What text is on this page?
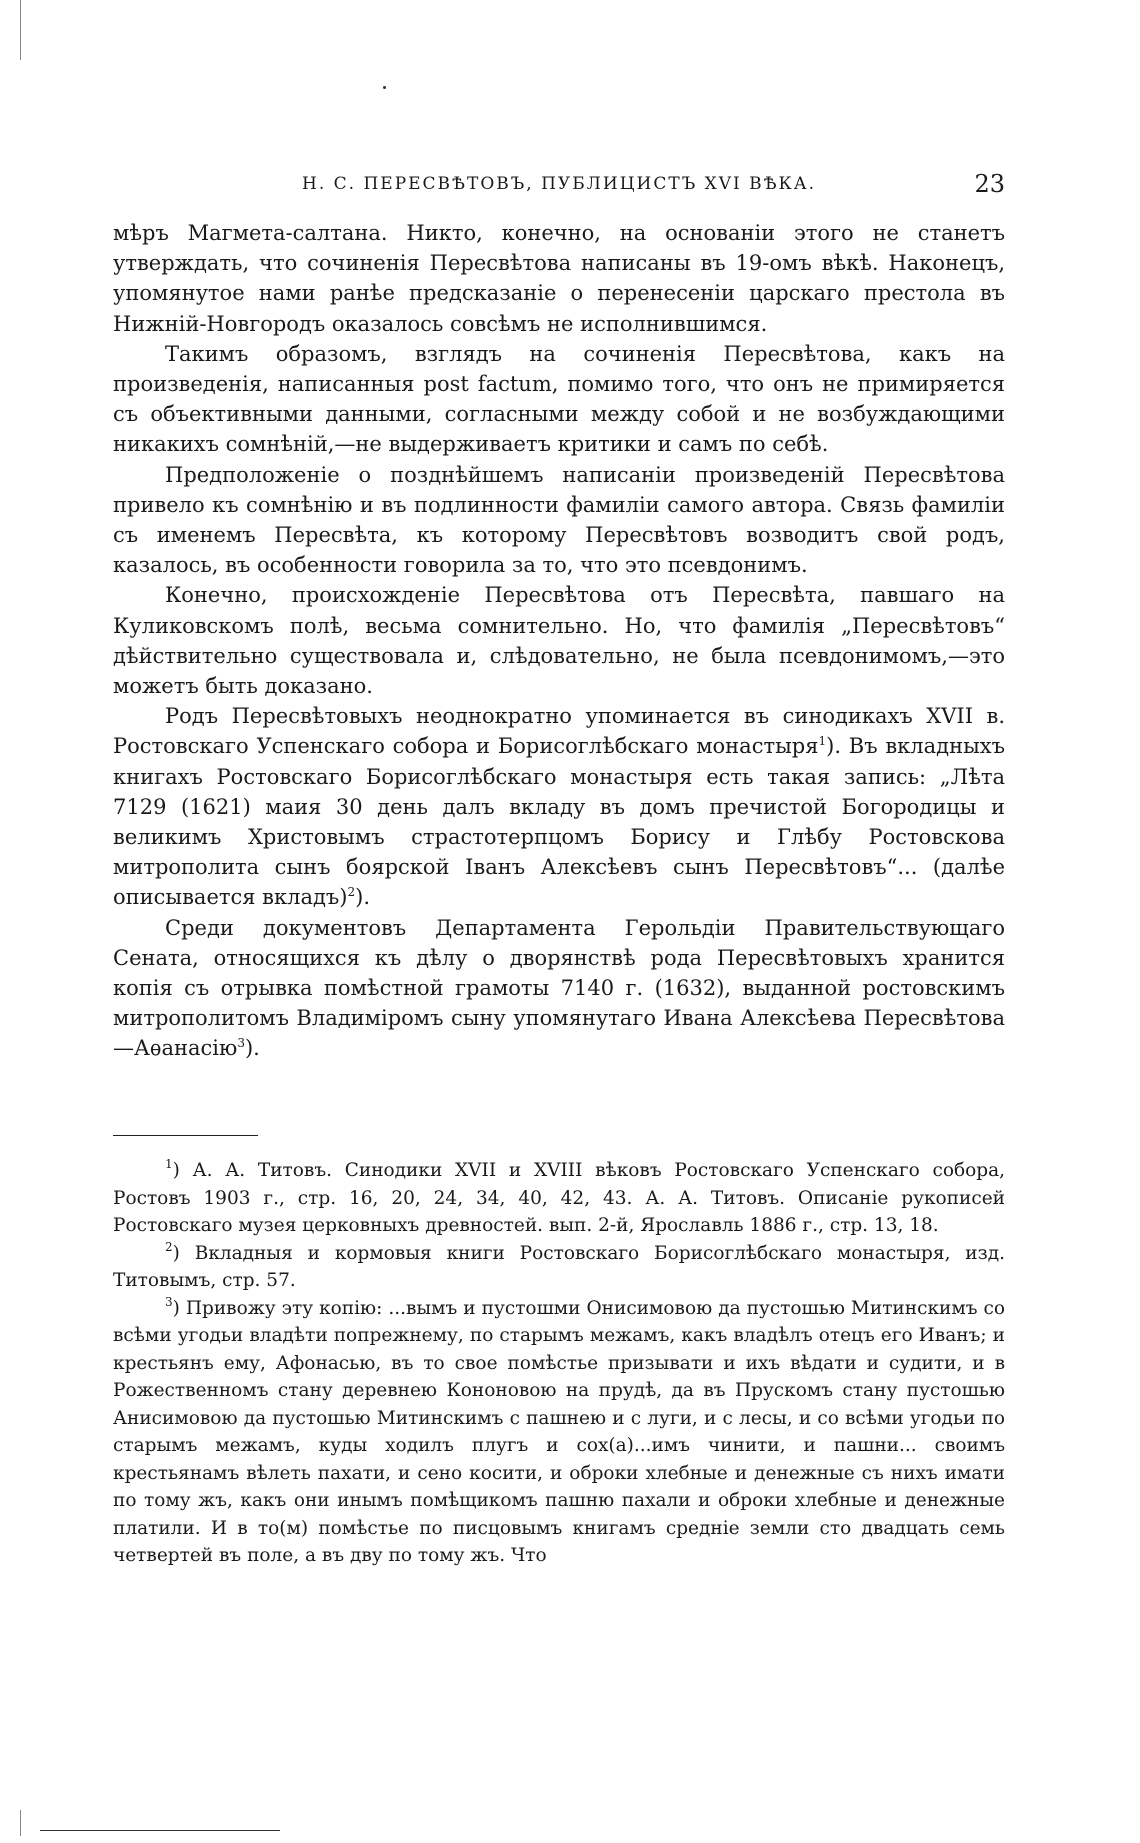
Н. С. ПЕРЕСВѢТОВЪ, ПУБЛИЦИСТЪ XVI ВѢКА.	23

мѣръ Магмета-салтана. Никто, конечно, на основаніи этого не станетъ утверждать, что сочиненія Пересвѣтова написаны въ 19-омъ вѣкѣ. Наконецъ, упомянутое нами ранѣе предсказаніе о перенесеніи царскаго престола въ Нижній-Новгородъ оказалось совсѣмъ не исполнившимся.

Такимъ образомъ, взглядъ на сочиненія Пересвѣтова, какъ на произведенія, написанныя post factum, помимо того, что онъ не примиряется съ объективными данными, согласными между собой и не возбуждающими никакихъ сомнѣній,—не выдерживаетъ критики и самъ по себѣ.

Предположеніе о позднѣйшемъ написаніи произведеній Пересвѣтова привело къ сомнѣнію и въ подлинности фамиліи самого автора. Связь фамиліи съ именемъ Пересвѣта, къ которому Пересвѣтовъ возводитъ свой родъ, казалось, въ особенности говорила за то, что это псевдонимъ.

Конечно, происхожденіе Пересвѣтова отъ Пересвѣта, павшаго на Куликовскомъ полѣ, весьма сомнительно. Но, что фамилія „Пересвѣтовъ“ дѣйствительно существовала и, слѣдовательно, не была псевдонимомъ,—это можетъ быть доказано.

Родъ Пересвѣтовыхъ неоднократно упоминается въ синодикахъ XVII в. Ростовскаго Успенскаго собора и Борисоглѣбскаго монастыря$^1$). Въ вкладныхъ книгахъ Ростовскаго Борисоглѣбскаго монастыря есть такая запись: „Лѣта 7129 (1621) маия 30 день далъ вкладу въ домъ пречистой Богородицы и великимъ Христовымъ страстотерпцомъ Борису и Глѣбу Ростовскова митрополита сынъ боярской Іванъ Алексѣевъ сынъ Пересвѣтовъ“... (далѣе описывается вкладъ)$^2$).

Среди документовъ Департамента Герольдіи Правительствующаго Сената, относящихся къ дѣлу о дворянствѣ рода Пересвѣтовыхъ хранится копія съ отрывка помѣстной грамоты 7140 г. (1632), выданной ростовскимъ митрополитомъ Владиміромъ сыну упомянутаго Ивана Алексѣева Пересвѣтова—Аѳанасію$^3$).

$^1$) А. А. Титовъ. Синодики XVII и XVIII вѣковъ Ростовскаго Успенскаго собора, Ростовъ 1903 г., стр. 16, 20, 24, 34, 40, 42, 43. А. А. Титовъ. Описаніе рукописей Ростовскаго музея церковныхъ древностей. вып. 2-й, Ярославль 1886 г., стр. 13, 18.

$^2$) Вкладныя и кормовыя книги Ростовскаго Борисоглѣбскаго монастыря, изд. Титовымъ, стр. 57.

$^3$) Привожу эту копію: ...вымъ и пустошми Онисимовою да пустошью Митинскимъ со всѣми угодьи владѣти попрежнему, по старымъ межамъ, какъ владѣлъ отецъ его Иванъ; и крестьянъ ему, Афонасью, въ то свое помѣстье призывати и ихъ вѣдати и судити, и в Рожественномъ стану деревнею Кононовою на прудѣ, да въ Прускомъ стану пустошью Анисимовою да пустошью Митинскимъ с пашнею и с луги, и с лесы, и со всѣми угодьи по старымъ межамъ, куды ходилъ плугъ и сох(а)...имъ чинити, и пашни... своимъ крестьянамъ вѣлеть пахати, и сено косити, и оброки хлебные и денежные съ нихъ имати по тому жъ, какъ они инымъ помѣщикомъ пашню пахали и оброки хлебные и денежные платили. И в то(м) помѣстье по писцовымъ книгамъ средніе земли сто двадцать семь четвертей въ поле, а въ дву по тому жъ. Что
